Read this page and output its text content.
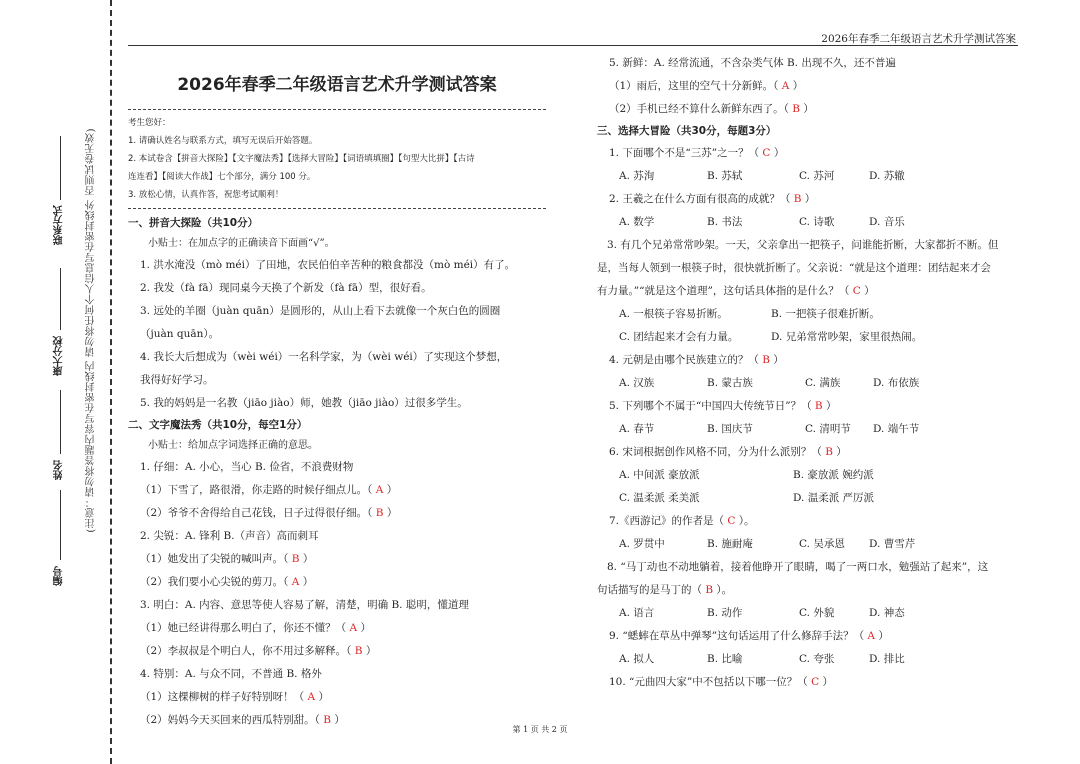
编号
姓名
康大分校
联系方式 (注意：请勿将答题内容写在密封线内 请勿将任何个人信息写在密封线外 否则试卷无效)
2026年春季二年级语言艺术升学测试答案
2026年春季二年级语言艺术升学测试答案
考生您好：
1. 请确认姓名与联系方式，填写无误后开始答题。
2. 本试卷含【拼音大探险】【文字魔法秀】【选择大冒险】【词语填填圈】【句型大比拼】【古诗
连连看】【阅读大作战】七个部分，满分 100 分。
3. 放松心情，认真作答，祝您考试顺利！
一、拼音大探险（共10分）
小贴士：在加点字的正确读音下面画“√”。
1. 洪水淹没（mò méi）了田地，农民伯伯辛苦种的粮食都没（mò méi）有了。
2. 我发（fà fā）现同桌今天换了个新发（fà fā）型，很好看。
3. 远处的羊圈（juàn quān）是圆形的，从山上看下去就像一个灰白色的圆圈
（juàn quān）。
4. 我长大后想成为（wèi wéi）一名科学家，为（wèi wéi）了实现这个梦想，
我得好好学习。
5. 我的妈妈是一名教（jiāo jiào）师，她教（jiāo jiào）过很多学生。
二、文字魔法秀（共10分，每空1分）
小贴士：给加点字词选择正确的意思。
1. 仔细：A. 小心，当心 B. 俭省，不浪费财物
（1）下雪了，路很滑，你走路的时候仔细点儿。（ A ）
（2）爷爷不舍得给自己花钱，日子过得很仔细。（ B ）
2. 尖锐：A. 锋利 B.（声音）高而刺耳
（1）她发出了尖锐的喊叫声。（ B ）
（2）我们要小心尖锐的剪刀。（ A ）
3. 明白：A. 内容、意思等使人容易了解，清楚，明确 B. 聪明，懂道理
（1）她已经讲得那么明白了，你还不懂？（ A ）
（2）李叔叔是个明白人，你不用过多解释。（ B ）
4. 特别：A. 与众不同，不普通 B. 格外
（1）这棵柳树的样子好特别呀！（ A ）
（2）妈妈今天买回来的西瓜特别甜。（ B ）
5. 新鲜：A. 经常流通，不含杂类气体 B. 出现不久，还不普遍
（1）雨后，这里的空气十分新鲜。（ A ）
（2）手机已经不算什么新鲜东西了。（ B ）
三、选择大冒险（共30分，每题3分）
1. 下面哪个不是“三苏”之一？（ C ）
A. 苏洵	B. 苏轼	C. 苏河	D. 苏辙
2. 王羲之在什么方面有很高的成就？（ B ）
A. 数学	B. 书法	C. 诗歌	D. 音乐
3. 有几个兄弟常常吵架。一天，父亲拿出一把筷子，问谁能折断，大家都折不断。但
是，当每人领到一根筷子时，很快就折断了。父亲说：“就是这个道理：团结起来才会
有力量。”“就是这个道理”，这句话具体指的是什么？（ C ）
A. 一根筷子容易折断。	B. 一把筷子很难折断。
C. 团结起来才会有力量。	D. 兄弟常常吵架，家里很热闹。
4. 元朝是由哪个民族建立的？（ B ）
A. 汉族	B. 蒙古族	C. 满族	D. 布依族
5. 下列哪个不属于“中国四大传统节日”？（ B ）
A. 春节	B. 国庆节	C. 清明节	D. 端午节
6. 宋词根据创作风格不同，分为什么派别？（ B ）
A. 中间派 豪放派	B. 豪放派 婉约派
C. 温柔派 柔美派	D. 温柔派 严厉派
7.《西游记》的作者是（ C ）。
A. 罗贯中	B. 施耐庵	C. 吴承恩	D. 曹雪芹
8. “马丁动也不动地躺着，接着他睁开了眼睛，喝了一两口水，勉强站了起来”，这
句话描写的是马丁的（ B ）。
A. 语言	B. 动作	C. 外貌	D. 神态
9. “蟋蟀在草丛中弹琴”这句话运用了什么修辞手法？（ A ）
A. 拟人	B. 比喻	C. 夸张	D. 排比
10. “元曲四大家”中不包括以下哪一位？（ C ）
第 1 页 共 2 页
